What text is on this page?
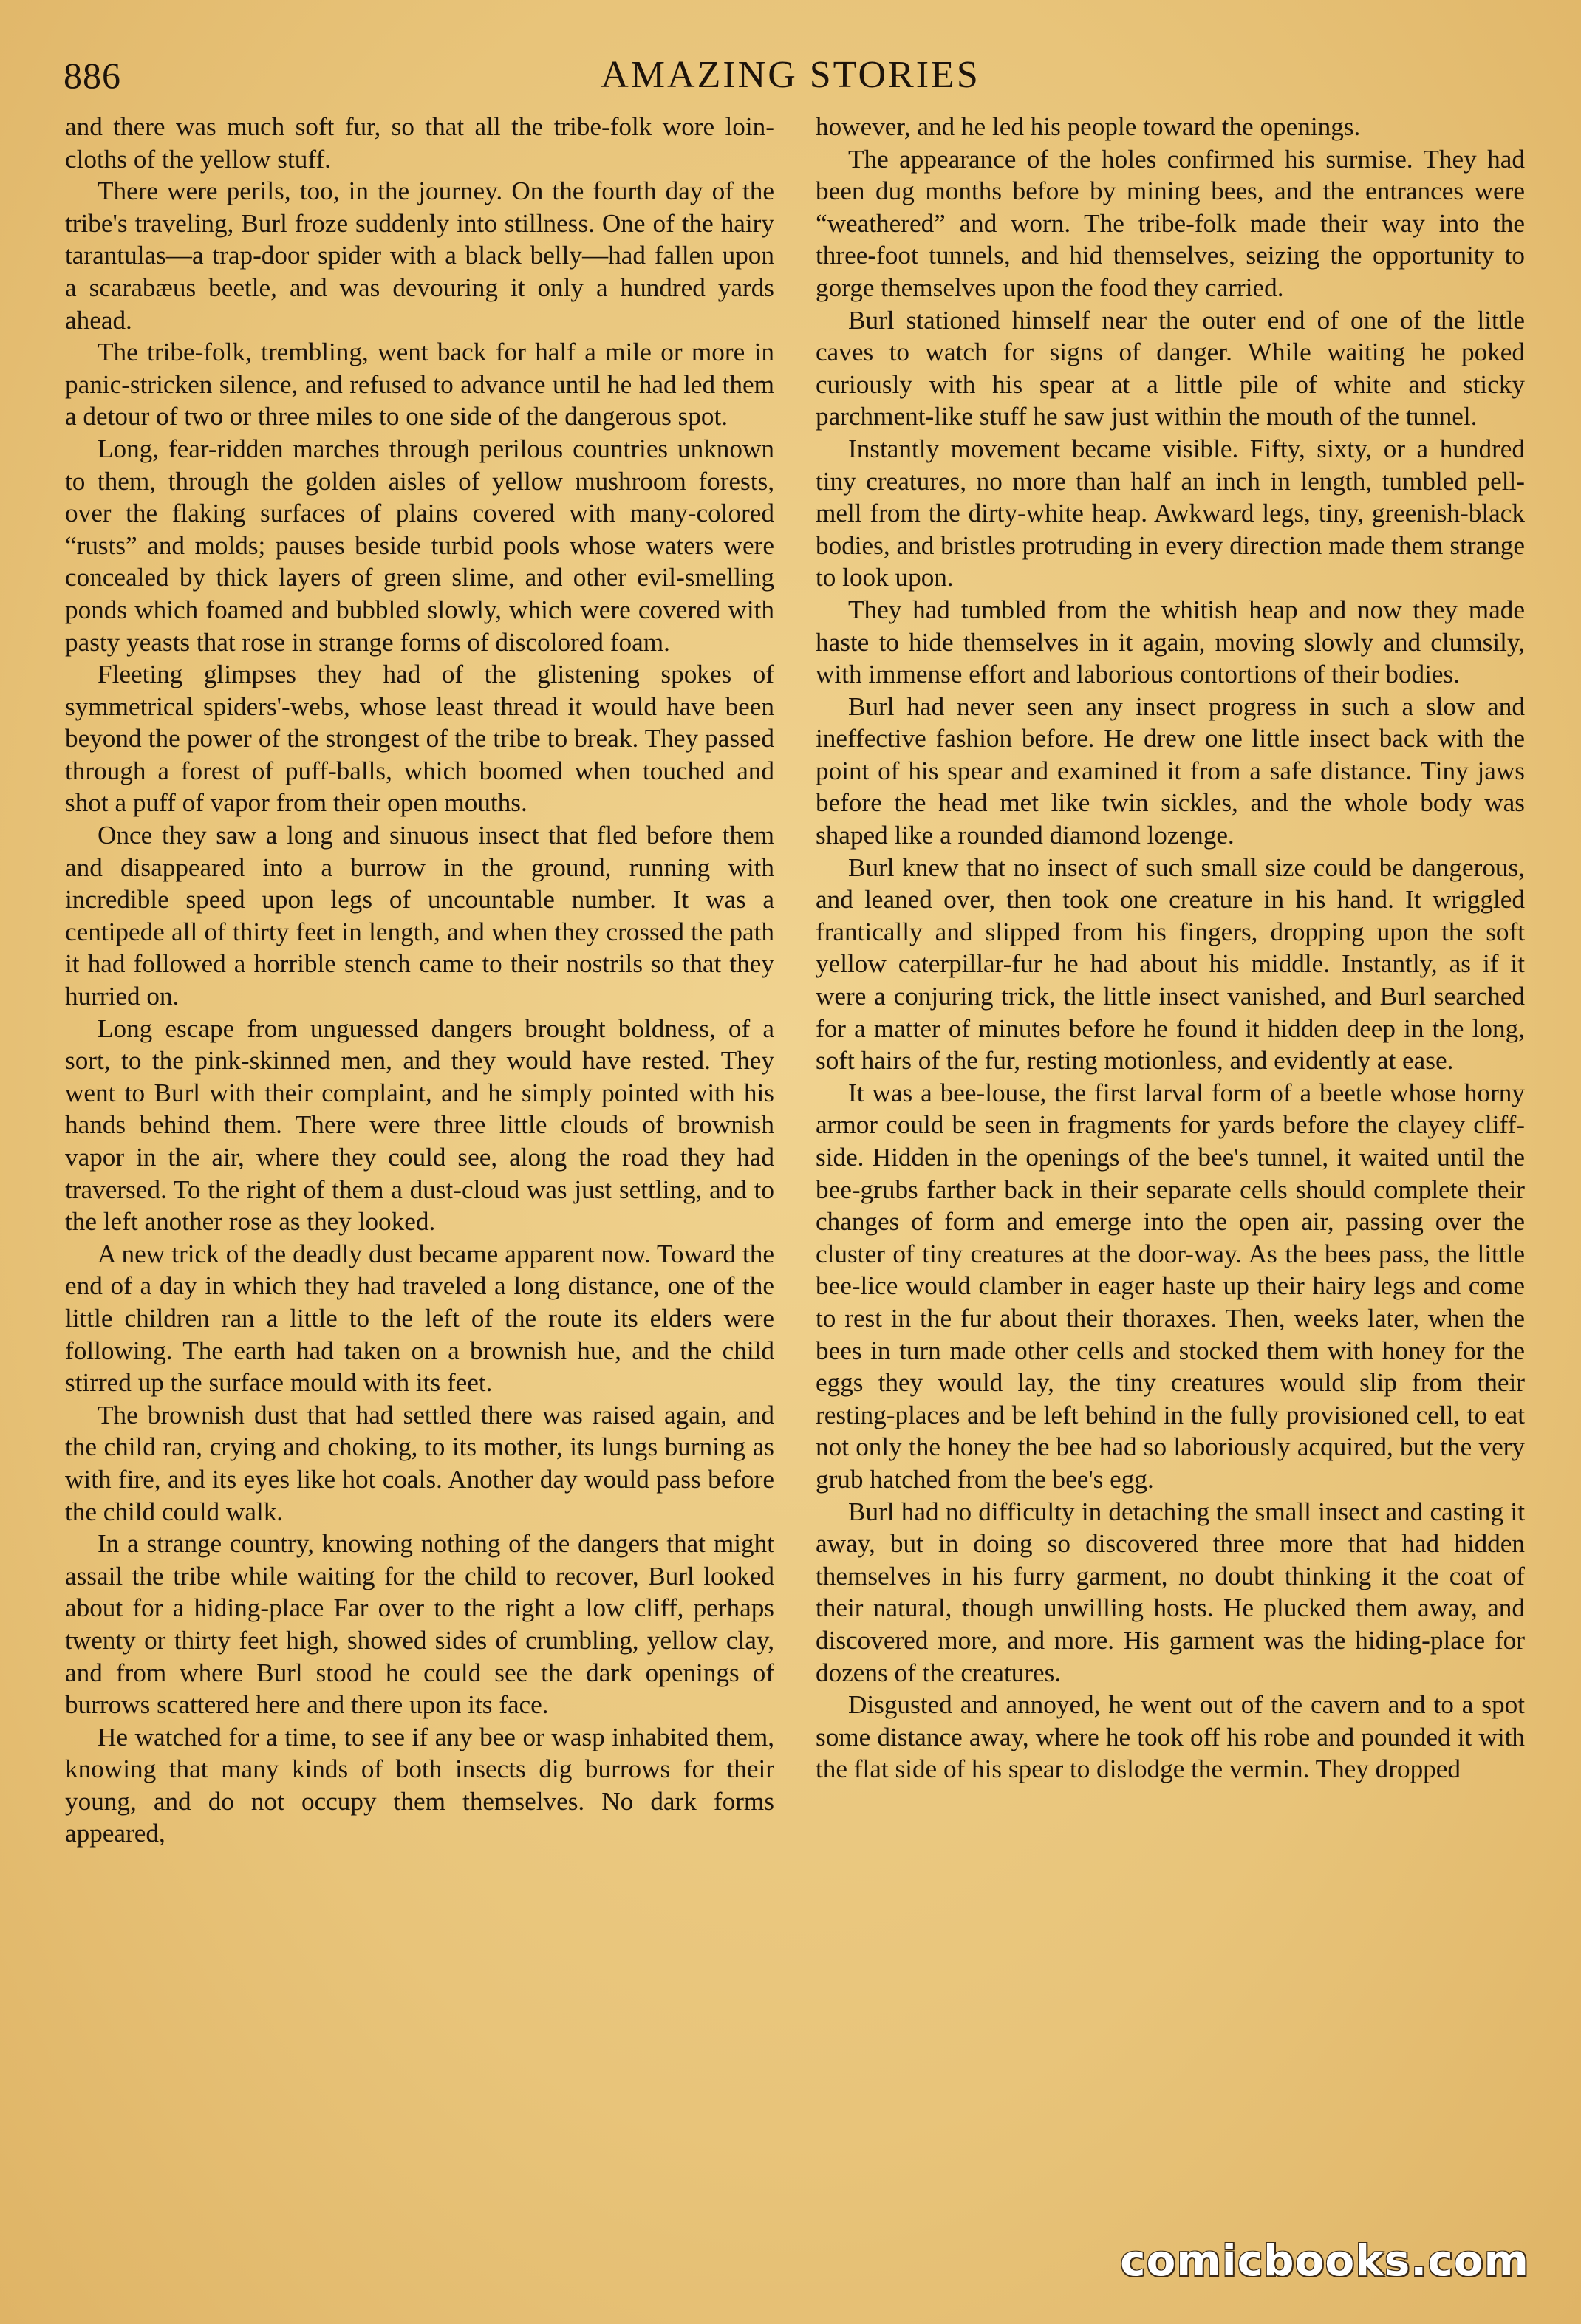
886	AMAZING STORIES

and there was much soft fur, so that all the tribe-folk wore loin-cloths of the yellow stuff.

There were perils, too, in the journey. On the fourth day of the tribe's traveling, Burl froze suddenly into stillness. One of the hairy tarantulas—a trap-door spider with a black belly—had fallen upon a scarabæus beetle, and was devouring it only a hundred yards ahead.

The tribe-folk, trembling, went back for half a mile or more in panic-stricken silence, and refused to advance until he had led them a detour of two or three miles to one side of the dangerous spot.

Long, fear-ridden marches through perilous countries unknown to them, through the golden aisles of yellow mushroom forests, over the flaking surfaces of plains covered with many-colored “rusts” and molds; pauses beside turbid pools whose waters were concealed by thick layers of green slime, and other evil-smelling ponds which foamed and bubbled slowly, which were covered with pasty yeasts that rose in strange forms of discolored foam.

Fleeting glimpses they had of the glistening spokes of symmetrical spiders'-webs, whose least thread it would have been beyond the power of the strongest of the tribe to break. They passed through a forest of puff-balls, which boomed when touched and shot a puff of vapor from their open mouths.

Once they saw a long and sinuous insect that fled before them and disappeared into a burrow in the ground, running with incredible speed upon legs of uncountable number. It was a centipede all of thirty feet in length, and when they crossed the path it had followed a horrible stench came to their nostrils so that they hurried on.

Long escape from unguessed dangers brought boldness, of a sort, to the pink-skinned men, and they would have rested. They went to Burl with their complaint, and he simply pointed with his hands behind them. There were three little clouds of brownish vapor in the air, where they could see, along the road they had traversed. To the right of them a dust-cloud was just settling, and to the left another rose as they looked.

A new trick of the deadly dust became apparent now. Toward the end of a day in which they had traveled a long distance, one of the little children ran a little to the left of the route its elders were following. The earth had taken on a brownish hue, and the child stirred up the surface mould with its feet.

The brownish dust that had settled there was raised again, and the child ran, crying and choking, to its mother, its lungs burning as with fire, and its eyes like hot coals. Another day would pass before the child could walk.

In a strange country, knowing nothing of the dangers that might assail the tribe while waiting for the child to recover, Burl looked about for a hiding-place Far over to the right a low cliff, perhaps twenty or thirty feet high, showed sides of crumbling, yellow clay, and from where Burl stood he could see the dark openings of burrows scattered here and there upon its face.

He watched for a time, to see if any bee or wasp inhabited them, knowing that many kinds of both insects dig burrows for their young, and do not occupy them themselves. No dark forms appeared,

however, and he led his people toward the openings.

The appearance of the holes confirmed his surmise. They had been dug months before by mining bees, and the entrances were “weathered” and worn. The tribe-folk made their way into the three-foot tunnels, and hid themselves, seizing the opportunity to gorge themselves upon the food they carried.

Burl stationed himself near the outer end of one of the little caves to watch for signs of danger. While waiting he poked curiously with his spear at a little pile of white and sticky parchment-like stuff he saw just within the mouth of the tunnel.

Instantly movement became visible. Fifty, sixty, or a hundred tiny creatures, no more than half an inch in length, tumbled pell-mell from the dirty-white heap. Awkward legs, tiny, greenish-black bodies, and bristles protruding in every direction made them strange to look upon.

They had tumbled from the whitish heap and now they made haste to hide themselves in it again, moving slowly and clumsily, with immense effort and laborious contortions of their bodies.

Burl had never seen any insect progress in such a slow and ineffective fashion before. He drew one little insect back with the point of his spear and examined it from a safe distance. Tiny jaws before the head met like twin sickles, and the whole body was shaped like a rounded diamond lozenge.

Burl knew that no insect of such small size could be dangerous, and leaned over, then took one creature in his hand. It wriggled frantically and slipped from his fingers, dropping upon the soft yellow caterpillar-fur he had about his middle. Instantly, as if it were a conjuring trick, the little insect vanished, and Burl searched for a matter of minutes before he found it hidden deep in the long, soft hairs of the fur, resting motionless, and evidently at ease.

It was a bee-louse, the first larval form of a beetle whose horny armor could be seen in fragments for yards before the clayey cliff-side. Hidden in the openings of the bee's tunnel, it waited until the bee-grubs farther back in their separate cells should complete their changes of form and emerge into the open air, passing over the cluster of tiny creatures at the door-way. As the bees pass, the little bee-lice would clamber in eager haste up their hairy legs and come to rest in the fur about their thoraxes. Then, weeks later, when the bees in turn made other cells and stocked them with honey for the eggs they would lay, the tiny creatures would slip from their resting-places and be left behind in the fully provisioned cell, to eat not only the honey the bee had so laboriously acquired, but the very grub hatched from the bee's egg.

Burl had no difficulty in detaching the small insect and casting it away, but in doing so discovered three more that had hidden themselves in his furry garment, no doubt thinking it the coat of their natural, though unwilling hosts. He plucked them away, and discovered more, and more. His garment was the hiding-place for dozens of the creatures.

Disgusted and annoyed, he went out of the cavern and to a spot some distance away, where he took off his robe and pounded it with the flat side of his spear to dislodge the vermin. They dropped

comicbooks.com
